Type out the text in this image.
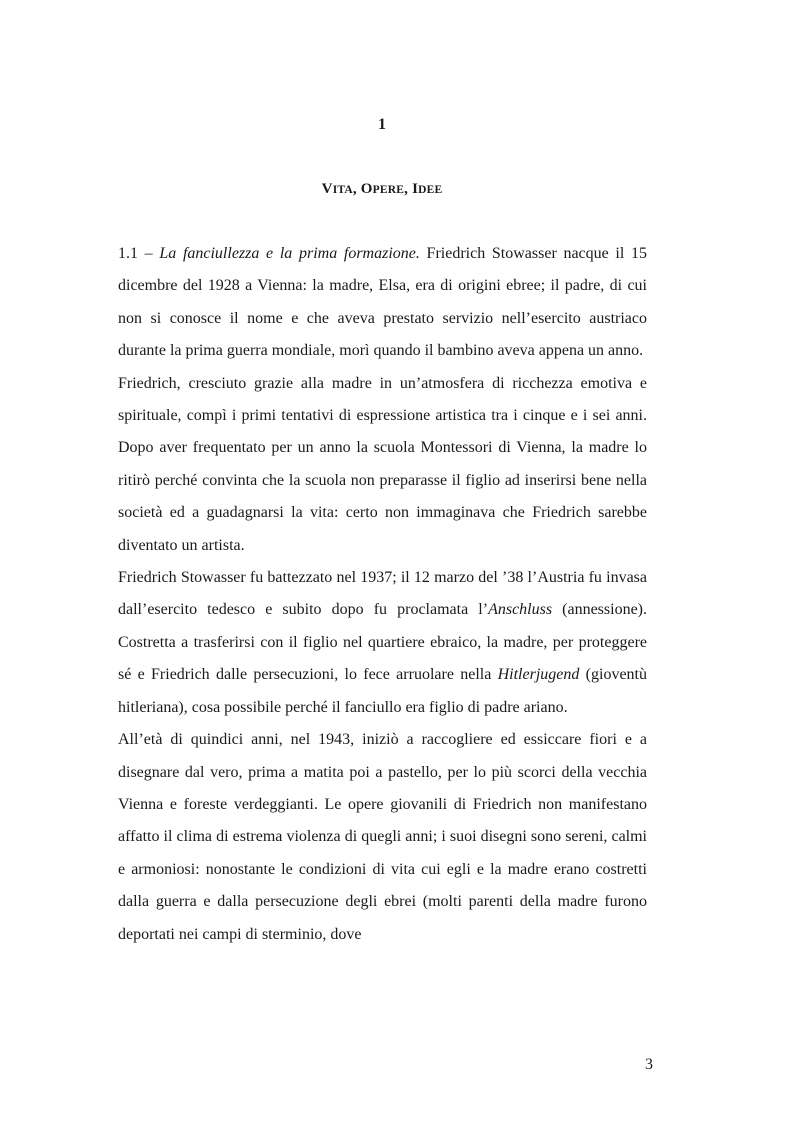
1
VITA, OPERE, IDEE

1.1 – La fanciullezza e la prima formazione. Friedrich Stowasser nacque il 15 dicembre del 1928 a Vienna: la madre, Elsa, era di origini ebree; il padre, di cui non si conosce il nome e che aveva prestato servizio nell’esercito austriaco durante la prima guerra mondiale, morì quando il bambino aveva appena un anno.

Friedrich, cresciuto grazie alla madre in un’atmosfera di ricchezza emotiva e spirituale, compì i primi tentativi di espressione artistica tra i cinque e i sei anni. Dopo aver frequentato per un anno la scuola Montessori di Vienna, la madre lo ritirò perché convinta che la scuola non preparasse il figlio ad inserirsi bene nella società ed a guadagnarsi la vita: certo non immaginava che Friedrich sarebbe diventato un artista.

Friedrich Stowasser fu battezzato nel 1937; il 12 marzo del ’38 l’Austria fu invasa dall’esercito tedesco e subito dopo fu proclamata l’Anschluss (annessione). Costretta a trasferirsi con il figlio nel quartiere ebraico, la madre, per proteggere sé e Friedrich dalle persecuzioni, lo fece arruolare nella Hitlerjugend (gioventù hitleriana), cosa possibile perché il fanciullo era figlio di padre ariano.

All’età di quindici anni, nel 1943, iniziò a raccogliere ed essiccare fiori e a disegnare dal vero, prima a matita poi a pastello, per lo più scorci della vecchia Vienna e foreste verdeggianti. Le opere giovanili di Friedrich non manifestano affatto il clima di estrema violenza di quegli anni; i suoi disegni sono sereni, calmi e armoniosi: nonostante le condizioni di vita cui egli e la madre erano costretti dalla guerra e dalla persecuzione degli ebrei (molti parenti della madre furono deportati nei campi di sterminio, dove

3
